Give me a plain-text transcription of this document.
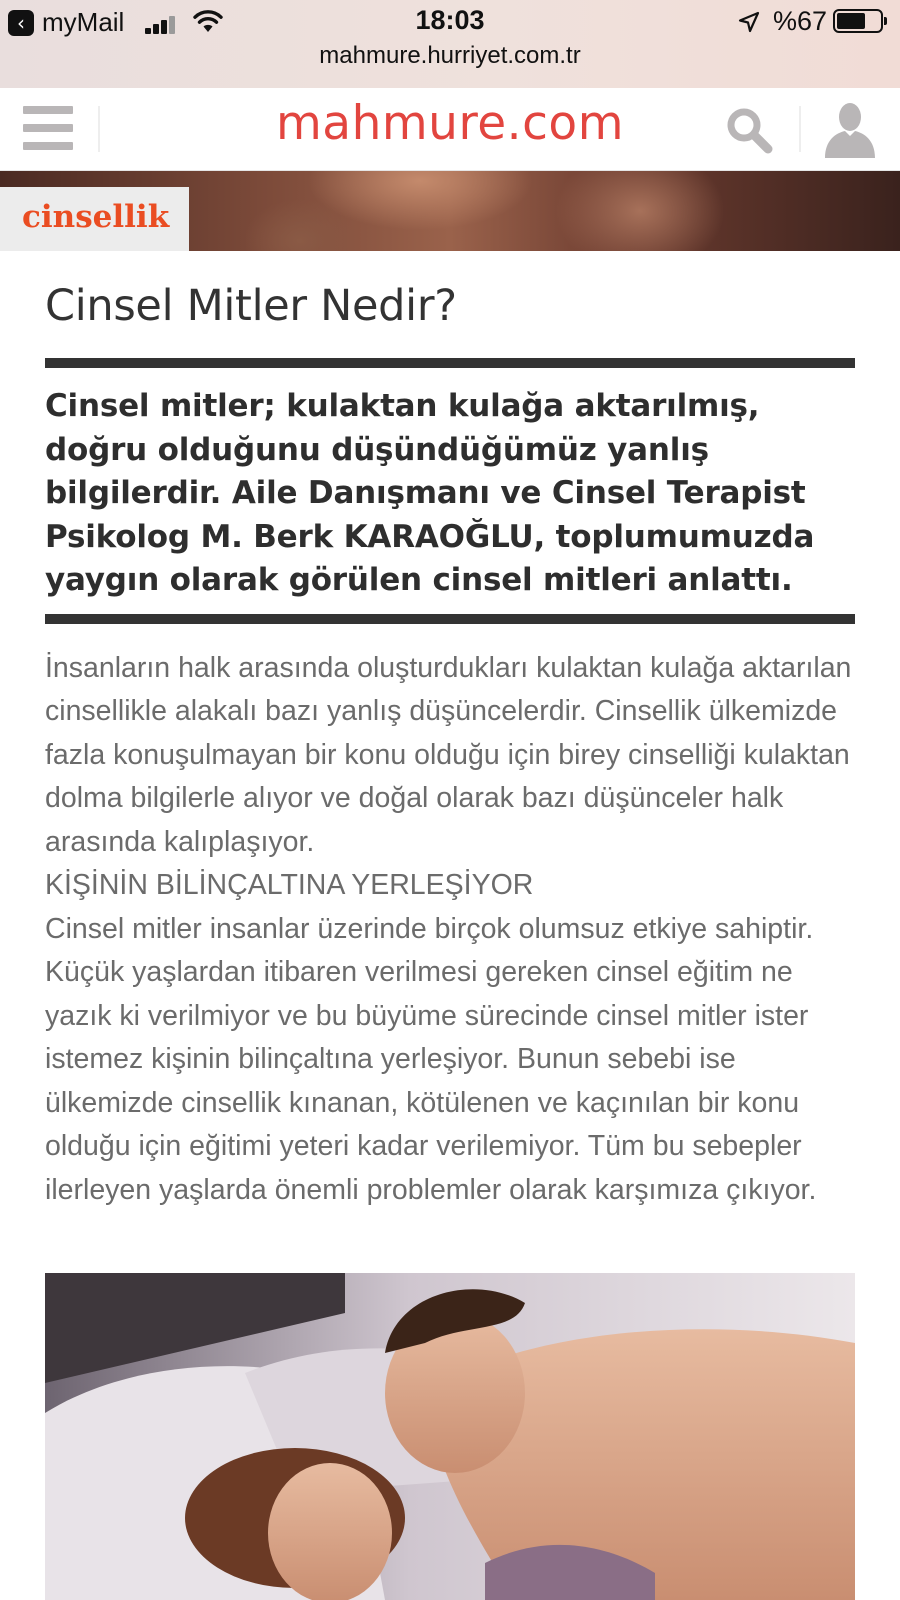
‹ myMail	18:03	%67
mahmure.hurriyet.com.tr
mahmure.com
cinsellik
Cinsel Mitler Nedir?
Cinsel mitler; kulaktan kulağa aktarılmış, doğru olduğunu düşündüğümüz yanlış bilgilerdir. Aile Danışmanı ve Cinsel Terapist Psikolog M. Berk KARAOĞLU, toplumumuzda yaygın olarak görülen cinsel mitleri anlattı.

İnsanların halk arasında oluşturdukları kulaktan kulağa aktarılan cinsellikle alakalı bazı yanlış düşüncelerdir. Cinsellik ülkemizde fazla konuşulmayan bir konu olduğu için birey cinselliği kulaktan dolma bilgilerle alıyor ve doğal olarak bazı düşünceler halk arasında kalıplaşıyor.

KİŞİNİN BİLİNÇALTINA YERLEŞİYOR

Cinsel mitler insanlar üzerinde birçok olumsuz etkiye sahiptir. Küçük yaşlardan itibaren verilmesi gereken cinsel eğitim ne yazık ki verilmiyor ve bu büyüme sürecinde cinsel mitler ister istemez kişinin bilinçaltına yerleşiyor. Bunun sebebi ise ülkemizde cinsellik kınanan, kötülenen ve kaçınılan bir konu olduğu için eğitimi yeteri kadar verilemiyor. Tüm bu sebepler ilerleyen yaşlarda önemli problemler olarak karşımıza çıkıyor.
